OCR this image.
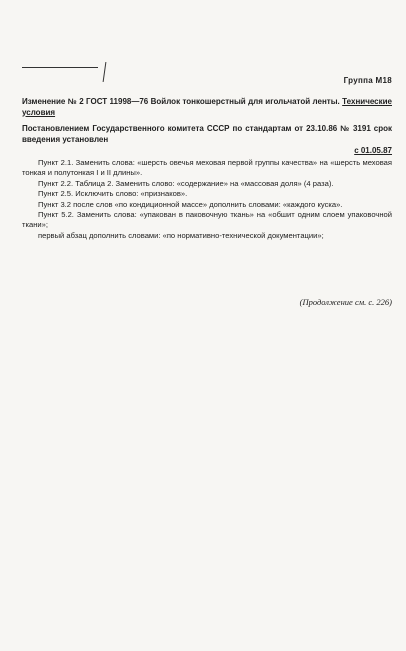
Группа М18
Изменение № 2 ГОСТ 11998—76 Войлок тонкошерстный для игольчатой ленты. Технические условия
Постановлением Государственного комитета СССР по стандартам от 23.10.86 № 3191 срок введения установлен
с 01.05.87

Пункт 2.1. Заменить слова: «шерсть овечья меховая первой группы качества» на «шерсть меховая тонкая и полутонкая I и II длины».

Пункт 2.2. Таблица 2. Заменить слово: «содержание» на «массовая доля» (4 раза).

Пункт 2.5. Исключить слово: «признаков».

Пункт 3.2 после слов «по кондиционной массе» дополнить словами: «каждого куска».

Пункт 5.2. Заменить слова: «упакован в паковочную ткань» на «обшит одним слоем упаковочной ткани»;

первый абзац дополнить словами: «по нормативно-технической документации»;

(Продолжение см. с. 226)
